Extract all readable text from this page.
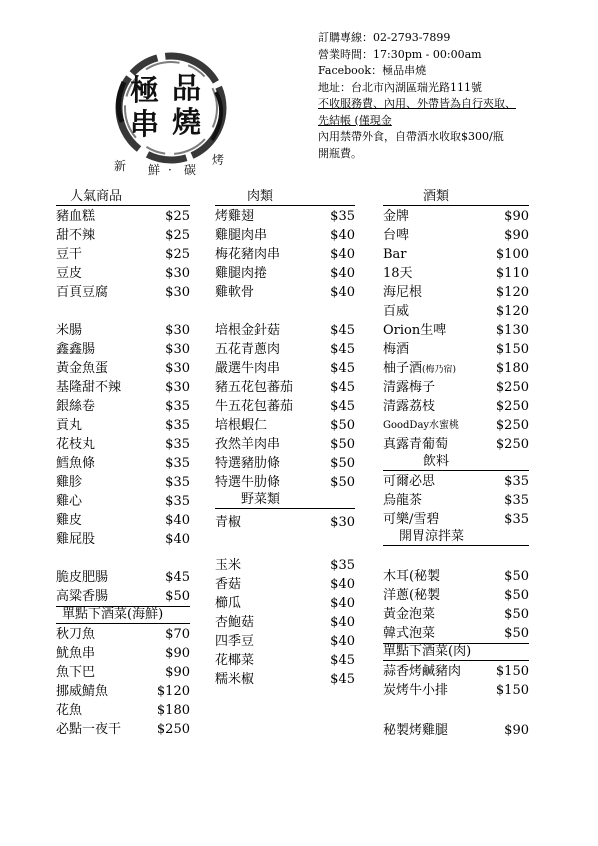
極 品
串 燒
新 鮮 · 碳
烤
訂購專線：02-2793-7899
營業時間：17:30pm - 00:00am
Facebook：極品串燒
地址：台北市內湖區瑞光路111號
不收服務費、內用、外帶皆為自行夾取、
先結帳 (僅現金
內用禁帶外食，自帶酒水收取$300/瓶
開瓶費。
人氣商品
豬血糕	$25
甜不辣	$25
豆干	$25
豆皮	$30
百頁豆腐	$30
米腸	$30
鑫鑫腸	$30
黃金魚蛋	$30
基隆甜不辣	$30
銀絲卷	$35
貢丸	$35
花枝丸	$35
鱈魚條	$35
雞胗	$35
雞心	$35
雞皮	$40
雞屁股	$40
脆皮肥腸	$45
高粱香腸	$50
單點下酒菜(海鮮)
秋刀魚	$70
魷魚串	$90
魚下巴	$90
挪威鯖魚	$120
花魚	$180
必點一夜干	$250
肉類
烤雞翅	$35
雞腿肉串	$40
梅花豬肉串	$40
雞腿肉捲	$40
雞軟骨	$40
培根金針菇	$45
五花青蔥肉	$45
嚴選牛肉串	$45
豬五花包蕃茄	$45
牛五花包蕃茄	$45
培根蝦仁	$50
孜然羊肉串	$50
特選豬肋條	$50
特選牛肋條	$50
野菜類
青椒	$30
玉米	$35
香菇	$40
櫛瓜	$40
杏鮑菇	$40
四季豆	$40
花椰菜	$45
糯米椒	$45
酒類
金牌	$90
台啤	$90
Bar	$100
18天	$110
海尼根	$120
百威	$120
Orion生啤	$130
梅酒	$150
柚子酒(梅乃宿)	$180
清露梅子	$250
清露荔枝	$250
GoodDay水蜜桃	$250
真露青葡萄	$250
飲料
可爾必思	$35
烏龍茶	$35
可樂/雪碧	$35
開胃涼拌菜
木耳(秘製	$50
洋蔥(秘製	$50
黃金泡菜	$50
韓式泡菜	$50
單點下酒菜(肉)
蒜香烤鹹豬肉	$150
炭烤牛小排	$150
秘製烤雞腿	$90
